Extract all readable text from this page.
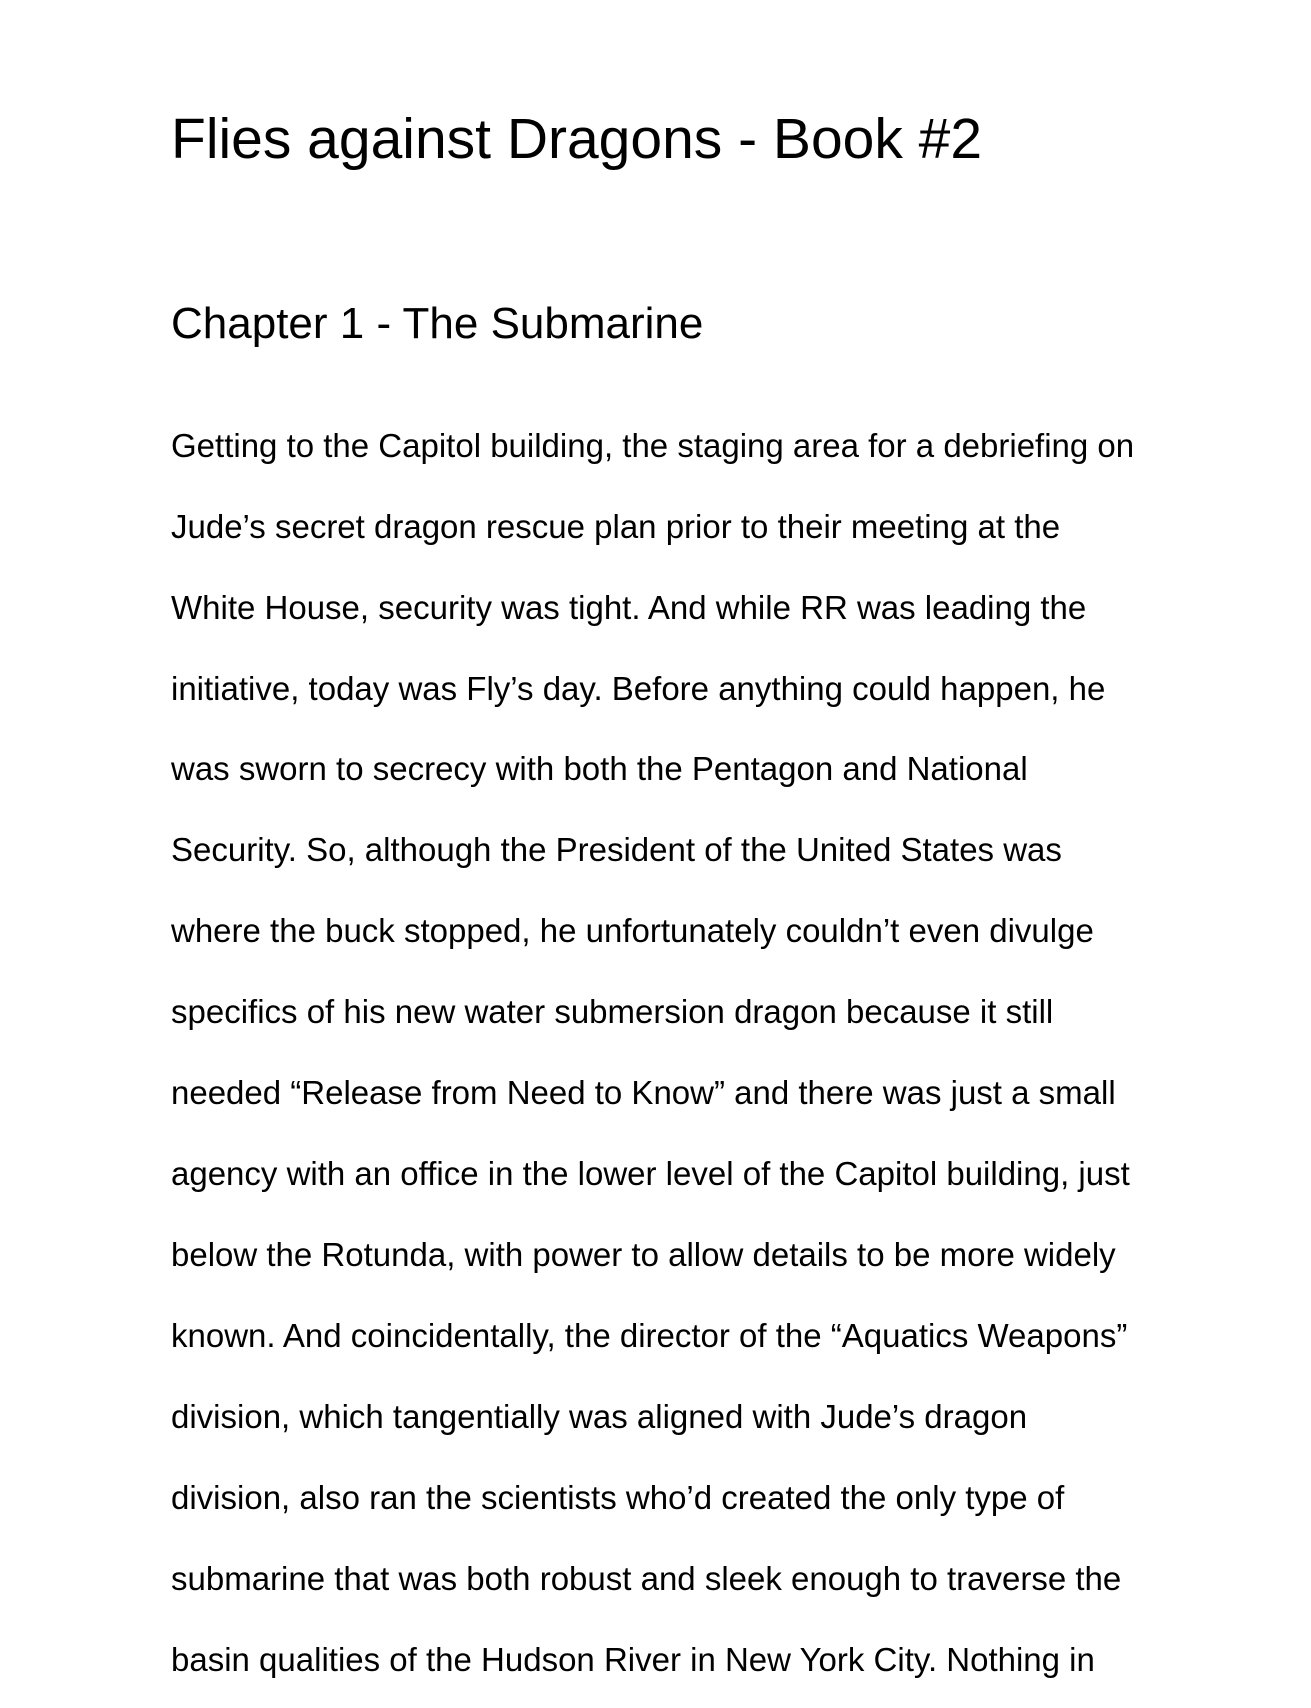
Flies against Dragons - Book #2
Chapter 1 - The Submarine
Getting to the Capitol building, the staging area for a debriefing on
Jude’s secret dragon rescue plan prior to their meeting at the
White House, security was tight. And while RR was leading the
initiative, today was Fly’s day. Before anything could happen, he
was sworn to secrecy with both the Pentagon and National
Security. So, although the President of the United States was
where the buck stopped, he unfortunately couldn’t even divulge
specifics of his new water submersion dragon because it still
needed “Release from Need to Know” and there was just a small
agency with an office in the lower level of the Capitol building, just
below the Rotunda, with power to allow details to be more widely
known. And coincidentally, the director of the “Aquatics Weapons”
division, which tangentially was aligned with Jude’s dragon
division, also ran the scientists who’d created the only type of
submarine that was both robust and sleek enough to traverse the
basin qualities of the Hudson River in New York City. Nothing in
